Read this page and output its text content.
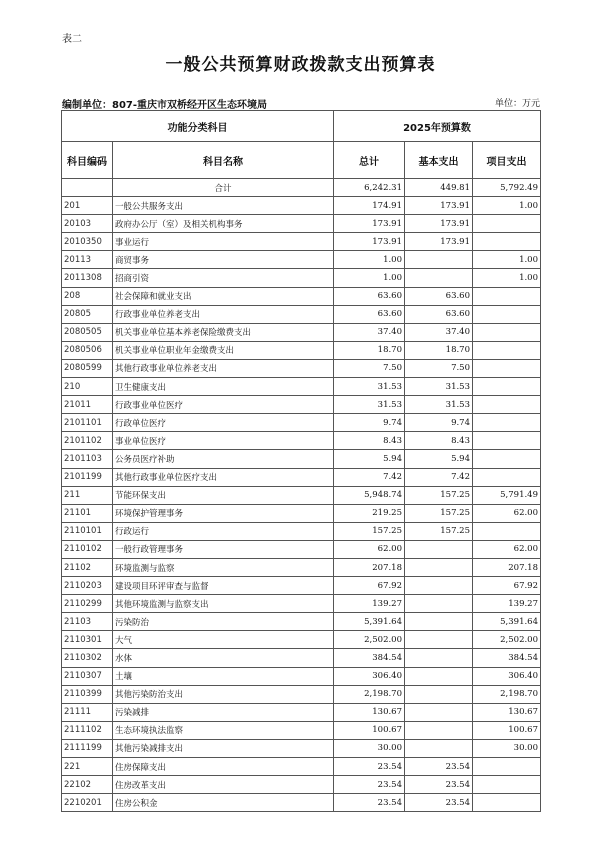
表二
一般公共预算财政拨款支出预算表
编制单位：807-重庆市双桥经开区生态环境局	单位：万元
功能分类科目		2025年预算数		
科目编码	科目名称	总计	基本支出	项目支出
	合计	6,242.31	449.81	5,792.49
201	一般公共服务支出	174.91	173.91	1.00
20103	政府办公厅（室）及相关机构事务	173.91	173.91	
2010350	事业运行	173.91	173.91	
20113	商贸事务	1.00		1.00
2011308	招商引资	1.00		1.00
208	社会保障和就业支出	63.60	63.60	
20805	行政事业单位养老支出	63.60	63.60	
2080505	机关事业单位基本养老保险缴费支出	37.40	37.40	
2080506	机关事业单位职业年金缴费支出	18.70	18.70	
2080599	其他行政事业单位养老支出	7.50	7.50	
210	卫生健康支出	31.53	31.53	
21011	行政事业单位医疗	31.53	31.53	
2101101	行政单位医疗	9.74	9.74	
2101102	事业单位医疗	8.43	8.43	
2101103	公务员医疗补助	5.94	5.94	
2101199	其他行政事业单位医疗支出	7.42	7.42	
211	节能环保支出	5,948.74	157.25	5,791.49
21101	环境保护管理事务	219.25	157.25	62.00
2110101	行政运行	157.25	157.25	
2110102	一般行政管理事务	62.00		62.00
21102	环境监测与监察	207.18		207.18
2110203	建设项目环评审查与监督	67.92		67.92
2110299	其他环境监测与监察支出	139.27		139.27
21103	污染防治	5,391.64		5,391.64
2110301	大气	2,502.00		2,502.00
2110302	水体	384.54		384.54
2110307	土壤	306.40		306.40
2110399	其他污染防治支出	2,198.70		2,198.70
21111	污染减排	130.67		130.67
2111102	生态环境执法监察	100.67		100.67
2111199	其他污染减排支出	30.00		30.00
221	住房保障支出	23.54	23.54	
22102	住房改革支出	23.54	23.54	
2210201	住房公积金	23.54	23.54	
